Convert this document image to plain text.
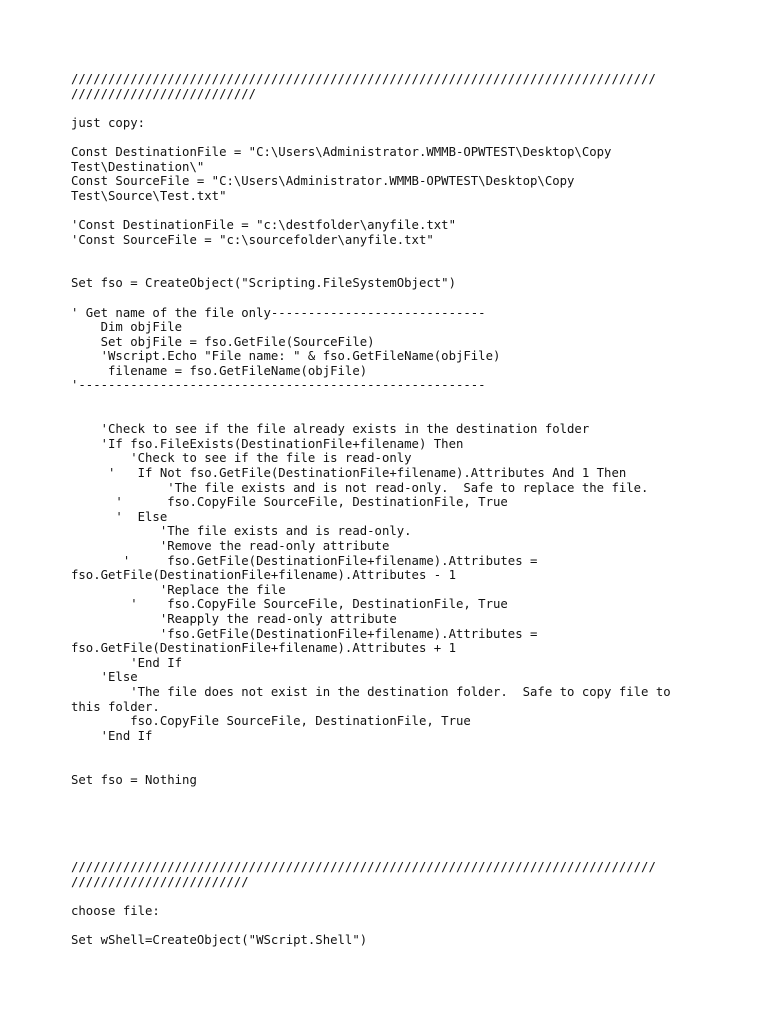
///////////////////////////////////////////////////////////////////////////////
/////////////////////////
just copy:
Const DestinationFile = "C:\Users\Administrator.WMMB-OPWTEST\Desktop\Copy
Test\Destination\"
Const SourceFile = "C:\Users\Administrator.WMMB-OPWTEST\Desktop\Copy
Test\Source\Test.txt"
'Const DestinationFile = "c:\destfolder\anyfile.txt"
'Const SourceFile = "c:\sourcefolder\anyfile.txt"
Set fso = CreateObject("Scripting.FileSystemObject")
' Get name of the file only-----------------------------
Dim objFile
Set objFile = fso.GetFile(SourceFile)
'Wscript.Echo "File name: " & fso.GetFileName(objFile)
filename = fso.GetFileName(objFile)
'-------------------------------------------------------
'Check to see if the file already exists in the destination folder
'If fso.FileExists(DestinationFile+filename) Then
'Check to see if the file is read-only
'   If Not fso.GetFile(DestinationFile+filename).Attributes And 1 Then
'The file exists and is not read-only.  Safe to replace the file.
'      fso.CopyFile SourceFile, DestinationFile, True
'  Else
'The file exists and is read-only.
'Remove the read-only attribute
'     fso.GetFile(DestinationFile+filename).Attributes =
fso.GetFile(DestinationFile+filename).Attributes - 1
'Replace the file
'    fso.CopyFile SourceFile, DestinationFile, True
'Reapply the read-only attribute
'fso.GetFile(DestinationFile+filename).Attributes =
fso.GetFile(DestinationFile+filename).Attributes + 1
'End If
'Else
'The file does not exist in the destination folder.  Safe to copy file to
this folder.
fso.CopyFile SourceFile, DestinationFile, True
'End If
Set fso = Nothing
///////////////////////////////////////////////////////////////////////////////
////////////////////////
choose file:
Set wShell=CreateObject("WScript.Shell")
